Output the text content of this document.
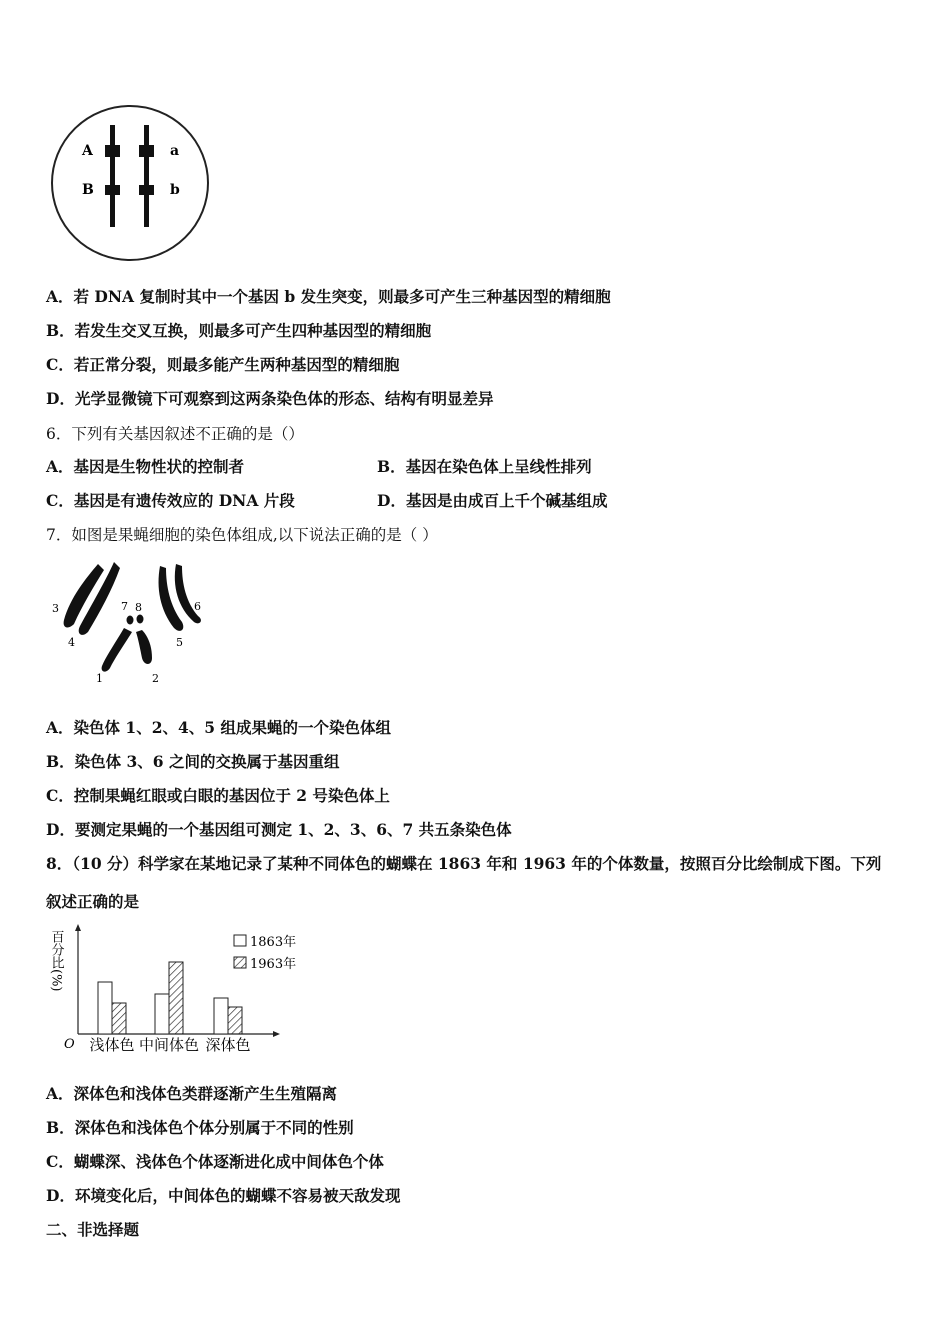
A
B
a
b
A．若 DNA 复制时其中一个基因 b 发生突变，则最多可产生三种基因型的精细胞
B．若发生交叉互换，则最多可产生四种基因型的精细胞
C．若正常分裂，则最多能产生两种基因型的精细胞
D．光学显微镜下可观察到这两条染色体的形态、结构有明显差异
6．下列有关基因叙述不正确的是（）
A．基因是生物性状的控制者	B．基因在染色体上呈线性排列
C．基因是有遗传效应的 DNA 片段	D．基因是由成百上千个碱基组成
7．如图是果蝇细胞的染色体组成,以下说法正确的是（ ）
3	7 8	6
4	5
1	2
A．染色体 1、2、4、5 组成果蝇的一个染色体组
B．染色体 3、6 之间的交换属于基因重组
C．控制果蝇红眼或白眼的基因位于 2 号染色体上
D．要测定果蝇的一个基因组可测定 1、2、3、6、7 共五条染色体
8．（10 分）科学家在某地记录了某种不同体色的蝴蝶在 1863 年和 1963 年的个体数量，按照百分比绘制成下图。下列
叙述正确的是
O
百分比(%)	1863年
1963年
浅体色 中间体色 深体色
A．深体色和浅体色类群逐渐产生生殖隔离
B．深体色和浅体色个体分别属于不同的性别
C．蝴蝶深、浅体色个体逐渐进化成中间体色个体
D．环境变化后，中间体色的蝴蝶不容易被天敌发现
二、非选择题
